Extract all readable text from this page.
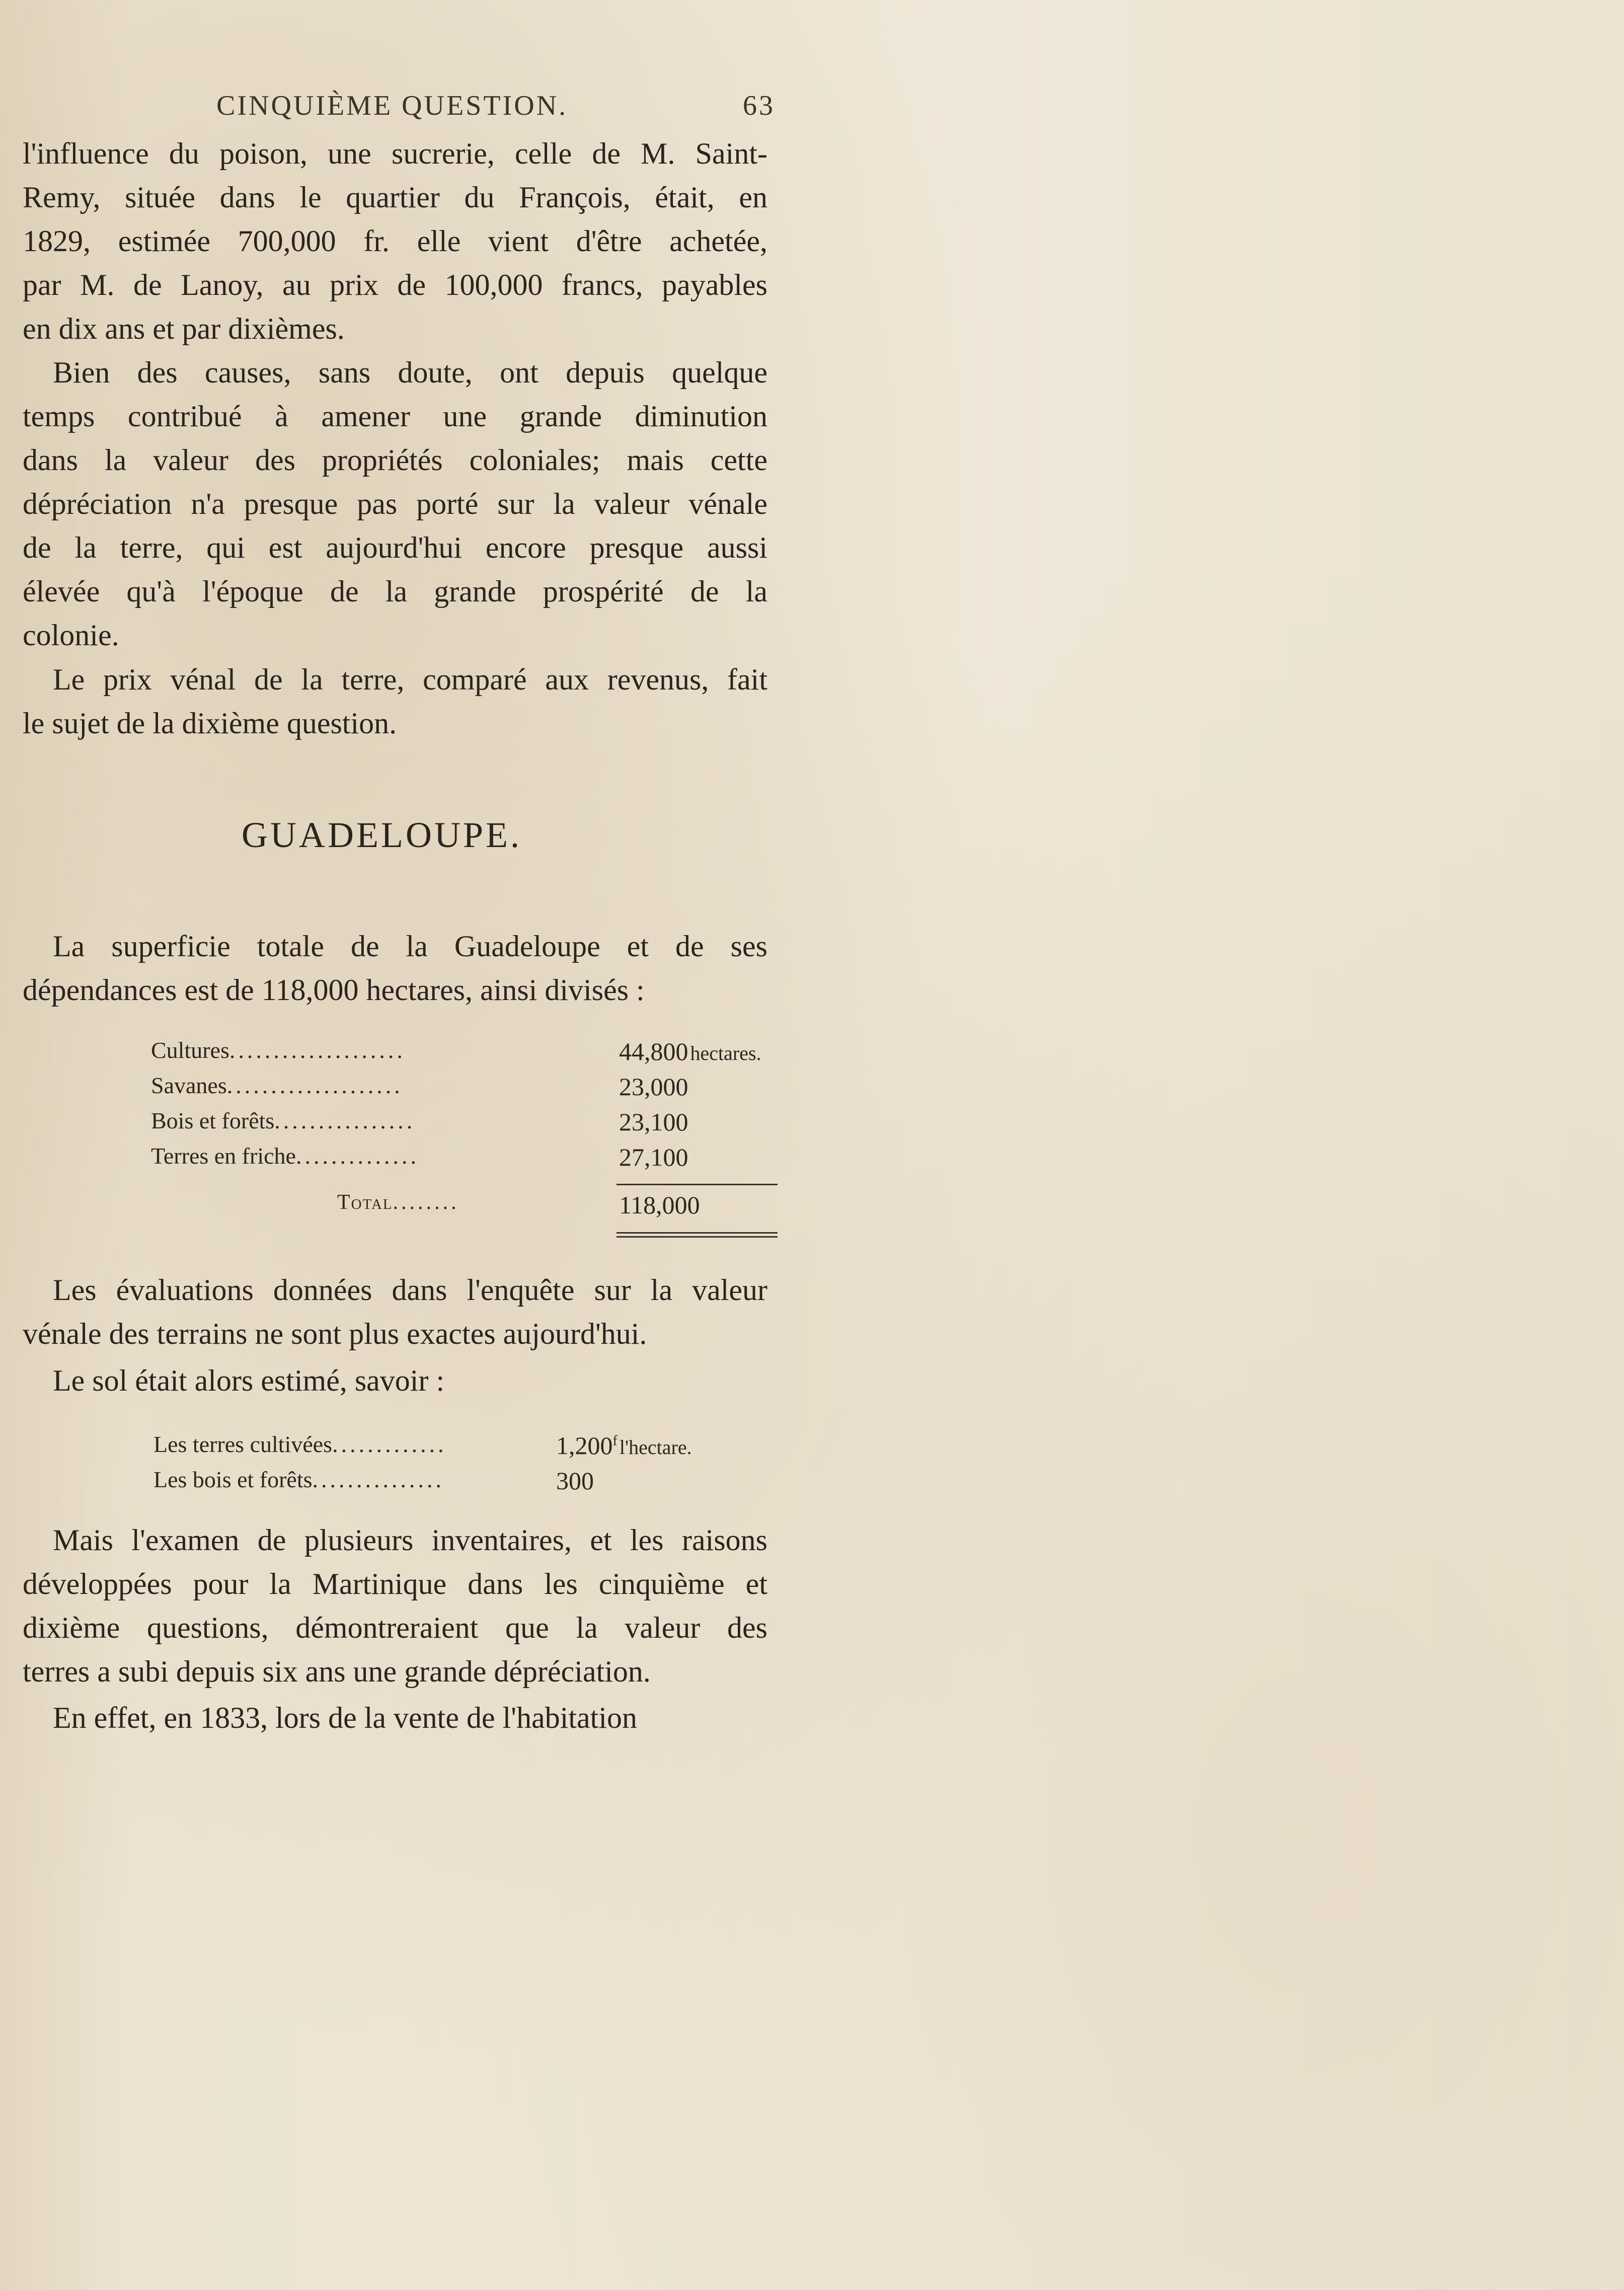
CINQUIÈME QUESTION.	63
l'influence du poison, une sucrerie, celle de M. Saint-
Remy, située dans le quartier du François, était, en
1829, estimée 700,000 fr. elle vient d'être achetée,
par M. de Lanoy, au prix de 100,000 francs, payables
en dix ans et par dixièmes.
Bien des causes, sans doute, ont depuis quelque
temps contribué à amener une grande diminution
dans la valeur des propriétés coloniales; mais cette
dépréciation n'a presque pas porté sur la valeur vénale
de la terre, qui est aujourd'hui encore presque aussi
élevée qu'à l'époque de la grande prospérité de la
colonie.
Le prix vénal de la terre, comparé aux revenus, fait
le sujet de la dixième question.
GUADELOUPE.
La superficie totale de la Guadeloupe et de ses
dépendances est de 118,000 hectares, ainsi divisés :
Cultures....................	44,800 hectares.
Savanes....................	23,000
Bois et forêts................	23,100
Terres en friche..............	27,100
Total........	118,000
Les évaluations données dans l'enquête sur la valeur
vénale des terrains ne sont plus exactes aujourd'hui.
Le sol était alors estimé, savoir :
Les terres cultivées.............	1,200$^f$ l'hectare.
Les bois et forêts...............	300
Mais l'examen de plusieurs inventaires, et les raisons
développées pour la Martinique dans les cinquième et
dixième questions, démontreraient que la valeur des
terres a subi depuis six ans une grande dépréciation.
En effet, en 1833, lors de la vente de l'habitation
